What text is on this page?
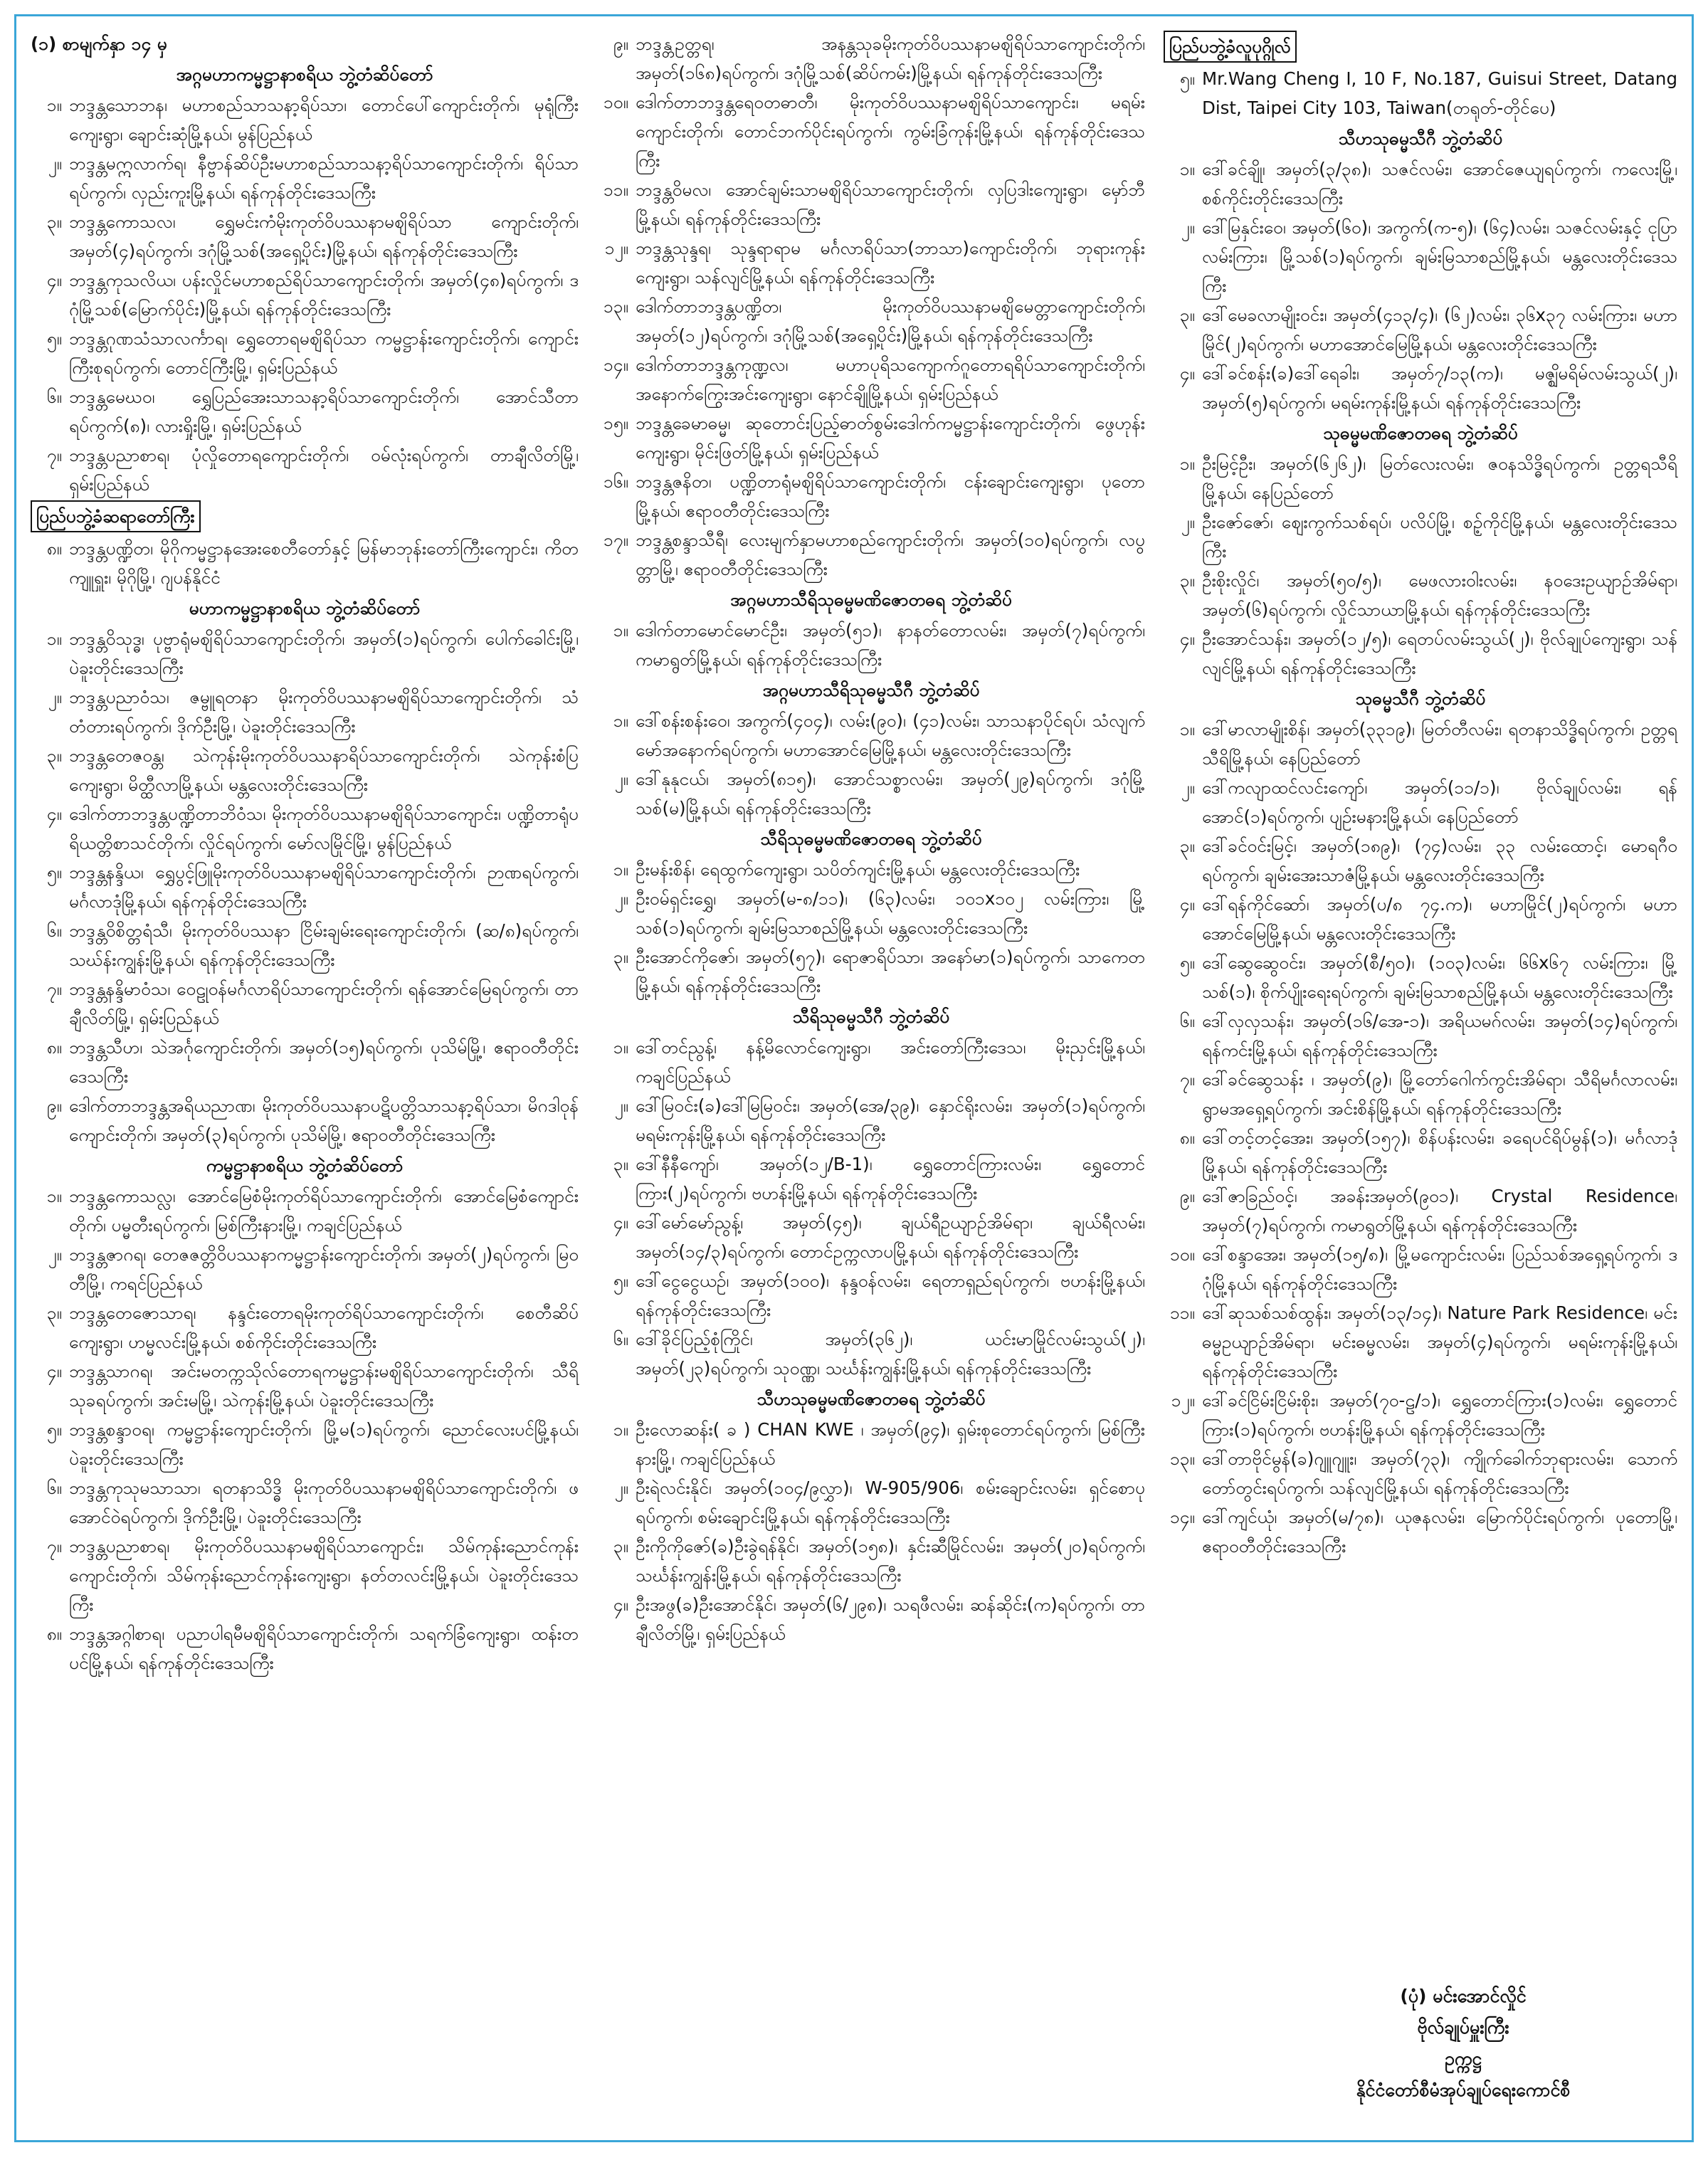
(၁) စာမျက်နှာ ၁၄ မှ
အဂ္ဂမဟာကမ္မဋ္ဌာနာစရိယ ဘွဲ့တံဆိပ်တော်
၁။ ဘဒ္ဒန္တသောဘန၊ မဟာစည်သာသနာ့ရိပ်သာ၊ တောင်ပေါ်ကျောင်းတိုက်၊ မုရုံကြီးကျေးရွာ၊ ချောင်းဆုံမြို့နယ်၊ မွန်ပြည်နယ်
၂။ ဘဒ္ဒန္တမဣလာက်ရ၊ နီဗ္ဗာန်ဆိပ်ဦးမဟာစည်သာသနာ့ရိပ်သာကျောင်းတိုက်၊ ရိပ်သာရပ်ကွက်၊ လှည်းကူးမြို့နယ်၊ ရန်ကုန်တိုင်းဒေသကြီး
၃။ ဘဒ္ဒန္တကောသလ၊ ရွှေမင်းကံမိုးကုတ်ဝိပဿနာမဈိရိပ်သာ ကျောင်းတိုက်၊ အမှတ်(၄)ရပ်ကွက်၊ ဒဂုံမြို့သစ်(အရှေ့ပိုင်း)မြို့နယ်၊ ရန်ကုန်တိုင်းဒေသကြီး
၄။ ဘဒ္ဒန္တကုသလိယ၊ ပန်းလှိုင်မဟာစည်ရိပ်သာကျောင်းတိုက်၊ အမှတ်(၄၈)ရပ်ကွက်၊ ဒဂုံမြို့သစ်(မြောက်ပိုင်း)မြို့နယ်၊ ရန်ကုန်တိုင်းဒေသကြီး
၅။ ဘဒ္ဒန္တဂုဏသံသာလင်္ကာရ၊ ရွှေတောရမဈိရိပ်သာ ကမ္မဋ္ဌာန်းကျောင်းတိုက်၊ ကျောင်းကြီးစုရပ်ကွက်၊ တောင်ကြီးမြို့၊ ရှမ်းပြည်နယ်
၆။ ဘဒ္ဒန္တမေဃဝ၊ ရွှေပြည်အေးသာသနာ့ရိပ်သာကျောင်းတိုက်၊ အောင်သီတာရပ်ကွက်(၈)၊ လားရှိုးမြို့၊ ရှမ်းပြည်နယ်
၇။ ဘဒ္ဒန္တပညာစာရ၊ ပုံလှိုတောရကျောင်းတိုက်၊ ဝမ်လုံးရပ်ကွက်၊ တာချီလိတ်မြို့၊ ရှမ်းပြည်နယ်
ပြည်ပဘွဲ့ခံဆရာတော်ကြီး
၈။ ဘဒ္ဒန္တပဏ္ဍိတ၊ မိုဂိုကမ္မဋ္ဌာနအေးစေတီတော်နှင့် မြန်မာဘုန်းတော်ကြီးကျောင်း၊ ကိတကျူရှူး၊ မိုဂိုမြို့၊ ဂျပန်နိုင်ငံ
မဟာကမ္မဋ္ဌာနာစရိယ ဘွဲ့တံဆိပ်တော်
၁။ ဘဒ္ဒန္တဝိသုဒ္ဓ၊ ပုဗ္ဗာရုံမဈိရိပ်သာကျောင်းတိုက်၊ အမှတ်(၁)ရပ်ကွက်၊ ပေါက်ခေါင်းမြို့၊ ပဲခူးတိုင်းဒေသကြီး
၂။ ဘဒ္ဒန္တပညာဝံသ၊ ဇမ္ဗူရတနာ မိုးကုတ်ဝိပဿနာမဈိရိပ်သာကျောင်းတိုက်၊ သံတံတားရပ်ကွက်၊ ဒိုက်ဦးမြို့၊ ပဲခူးတိုင်းဒေသကြီး
၃။ ဘဒ္ဒန္တတေဇဝန္တ၊ သဲကုန်းမိုးကုတ်ဝိပဿနာရိပ်သာကျောင်းတိုက်၊ သဲကုန်းစံပြကျေးရွာ၊ မိတ္ထီလာမြို့နယ်၊ မန္တလေးတိုင်းဒေသကြီး
၄။ ဒေါက်တာဘဒ္ဒန္တပဏ္ဍိတာဘိဝံသ၊ မိုးကုတ်ဝိပဿနာမဈိရိပ်သာကျောင်း၊ ပဏ္ဍိတာရုံပရိယတ္တိစာသင်တိုက်၊ လှိုင်ရပ်ကွက်၊ မော်လမြိုင်မြို့၊ မွန်ပြည်နယ်
၅။ ဘဒ္ဒန္တနန္ဒိယ၊ ရွှေပွင့်ဖြူမိုးကုတ်ဝိပဿနာမဈိရိပ်သာကျောင်းတိုက်၊ ဉာဏရပ်ကွက်၊ မင်္ဂလာဒုံမြို့နယ်၊ ရန်ကုန်တိုင်းဒေသကြီး
၆။ ဘဒ္ဒန္တဝိစိတ္တရံသီ၊ မိုးကုတ်ဝိပဿနာ ငြိမ်းချမ်းရေးကျောင်းတိုက်၊ (ဆ/၈)ရပ်ကွက်၊ သဃ်န်းကျွန်းမြို့နယ်၊ ရန်ကုန်တိုင်းဒေသကြီး
၇။ ဘဒ္ဒန္တနန္ဒိမာဝံသ၊ ဝေဠုဝန်မင်္ဂလာရိပ်သာကျောင်းတိုက်၊ ရန်အောင်မြေရပ်ကွက်၊ တာချီလိတ်မြို့၊ ရှမ်းပြည်နယ်
၈။ ဘဒ္ဒန္တသီဟ၊ သဲအင်္ဂုကျောင်းတိုက်၊ အမှတ်(၁၅)ရပ်ကွက်၊ ပုသိမ်မြို့၊ ဧရာဝတီတိုင်းဒေသကြီး
၉။ ဒေါက်တာဘဒ္ဒန္တအရိယညာဏ၊ မိုးကုတ်ဝိပဿနာပဋိပတ္တိသာသနာ့ရိပ်သာ၊ မိဂဒါဝုန်ကျောင်းတိုက်၊ အမှတ်(၃)ရပ်ကွက်၊ ပုသိမ်မြို့၊ ဧရာဝတီတိုင်းဒေသကြီး
ကမ္မဋ္ဌာနာစရိယ ဘွဲ့တံဆိပ်တော်
၁။ ဘဒ္ဒန္တကောသလ္လ၊ အောင်မြေစံမိုးကုတ်ရိပ်သာကျောင်းတိုက်၊ အောင်မြေစံကျောင်းတိုက်၊ ပမ္မတီးရပ်ကွက်၊ မြစ်ကြီးနားမြို့၊ ကချင်ပြည်နယ်
၂။ ဘဒ္ဒန္တဇာဂရ၊ တေဇဇတ္တိဝိပဿနာကမ္မဋ္ဌာန်းကျောင်းတိုက်၊ အမှတ်(၂)ရပ်ကွက်၊ မြဝတီမြို့၊ ကရင်ပြည်နယ်
၃။ ဘဒ္ဒန္တတေဇောသာရ၊ နန္ဒင်းတောရမိုးကုတ်ရိပ်သာကျောင်းတိုက်၊ စေတီဆိပ်ကျေးရွာ၊ ဟမ္မလင်းမြို့နယ်၊ စစ်ကိုင်းတိုင်းဒေသကြီး
၄။ ဘဒ္ဒန္တသာဂရ၊ အင်းမတက္ကသိုလ်တောရကမ္မဋ္ဌာန်းမဈိရိပ်သာကျောင်းတိုက်၊ သီရိသုခရပ်ကွက်၊ အင်းမမြို့၊ သဲကုန်းမြို့နယ်၊ ပဲခူးတိုင်းဒေသကြီး
၅။ ဘဒ္ဒန္တစန္ဒာဝရ၊ ကမ္မဋ္ဌာန်းကျောင်းတိုက်၊ မြို့မ(၁)ရပ်ကွက်၊ ညောင်လေးပင်မြို့နယ်၊ ပဲခူးတိုင်းဒေသကြီး
၆။ ဘဒ္ဒန္တကုသုမသာသာ၊ ရတနာသိဒ္ဓိ မိုးကုတ်ဝိပဿနာမဈိရိပ်သာကျောင်းတိုက်၊ ဖအောင်ဝဲရပ်ကွက်၊ ဒိုက်ဦးမြို့၊ ပဲခူးတိုင်းဒေသကြီး
၇။ ဘဒ္ဒန္တပညာစာရ၊ မိုးကုတ်ဝိပဿနာမဈိရိပ်သာကျောင်း၊ သိမ်ကုန်းညောင်ကုန်းကျောင်းတိုက်၊ သိမ်ကုန်းညောင်ကုန်းကျေးရွာ၊ နတ်တလင်းမြို့နယ်၊ ပဲခူးတိုင်းဒေသကြီး
၈။ ဘဒ္ဒန္တအဂ္ဂါစာရ၊ ပညာပါရမီမဈိရိပ်သာကျောင်းတိုက်၊ သရက်ခြံကျေးရွာ၊ ထန်းတပင်မြို့နယ်၊ ရန်ကုန်တိုင်းဒေသကြီး
၉။ ဘဒ္ဒန္တဥတ္တရ၊ အနန္တသုခမိုးကုတ်ဝိပဿနာမဈိရိပ်သာကျောင်းတိုက်၊ အမှတ်(၁၆၈)ရပ်ကွက်၊ ဒဂုံမြို့သစ်(ဆိပ်ကမ်း)မြို့နယ်၊ ရန်ကုန်တိုင်းဒေသကြီး
၁၀။ ဒေါက်တာဘဒ္ဒန္တရေဝတဓာတီ၊ မိုးကုတ်ဝိပဿနာမဈိရိပ်သာကျောင်း၊ မရမ်းကျောင်းတိုက်၊ တောင်ဘက်ပိုင်းရပ်ကွက်၊ ကွမ်းခြံကုန်းမြို့နယ်၊ ရန်ကုန်တိုင်းဒေသကြီး
၁၁။ ဘဒ္ဒန္တဝိမလ၊ အောင်ချမ်းသာမဈိရိပ်သာကျောင်းတိုက်၊ လှပြဒါးကျေးရွာ၊ မှော်ဘီမြို့နယ်၊ ရန်ကုန်တိုင်းဒေသကြီး
၁၂။ ဘဒ္ဒန္တသုန္ဒရ၊ သုန္ဒရာရာမ မင်္ဂလာရိပ်သာ(ဘာသာ)ကျောင်းတိုက်၊ ဘုရားကုန်းကျေးရွာ၊ သန်လျင်မြို့နယ်၊ ရန်ကုန်တိုင်းဒေသကြီး
၁၃။ ဒေါက်တာဘဒ္ဒန္တပဏ္ဍိတ၊ မိုးကုတ်ဝိပဿနာမဈိမေတ္တာကျောင်းတိုက်၊ အမှတ်(၁၂)ရပ်ကွက်၊ ဒဂုံမြို့သစ်(အရှေ့ပိုင်း)မြို့နယ်၊ ရန်ကုန်တိုင်းဒေသကြီး
၁၄။ ဒေါက်တာဘဒ္ဒန္တကုဏ္ဍလ၊ မဟာပုရိသကျောက်ဂူတောရရိပ်သာကျောင်းတိုက်၊ အနောက်ကြွေးအင်းကျေးရွာ၊ နောင်ချိုမြို့နယ်၊ ရှမ်းပြည်နယ်
၁၅။ ဘဒ္ဒန္တခေမာဓမ္မ၊ ဆုတောင်းပြည့်ဓာတ်စွမ်းဒေါက်ကမ္မဋ္ဌာန်းကျောင်းတိုက်၊ ဖွေဟုန်းကျေးရွာ၊ မိုင်းဖြတ်မြို့နယ်၊ ရှမ်းပြည်နယ်
၁၆။ ဘဒ္ဒန္တဇနိတ၊ ပဏ္ဍိတာရုံမဈိရိပ်သာကျောင်းတိုက်၊ ငန်းချောင်းကျေးရွာ၊ ပုတောမြို့နယ်၊ ဧရာဝတီတိုင်းဒေသကြီး
၁၇။ ဘဒ္ဒန္တစန္ဒာသီရီ၊ လေးမျက်နှာမဟာစည်ကျောင်းတိုက်၊ အမှတ်(၁၀)ရပ်ကွက်၊ လပွတ္တာမြို့၊ ဧရာဝတီတိုင်းဒေသကြီး
အဂ္ဂမဟာသီရိသုဓမ္မမဏိဇောတဓရ ဘွဲ့တံဆိပ်
၁။ ဒေါက်တာမောင်မောင်ဦး၊ အမှတ်(၅၁)၊ နာနတ်တောလမ်း၊ အမှတ်(၇)ရပ်ကွက်၊ ကမာရွတ်မြို့နယ်၊ ရန်ကုန်တိုင်းဒေသကြီး
အဂ္ဂမဟာသီရိသုဓမ္မသီဂီ ဘွဲ့တံဆိပ်
၁။ ဒေါ်စန်းစန်းဝေ၊ အကွက်(၄၀၄)၊ လမ်း(၉၀)၊ (၄၁)လမ်း၊ သာသနာပိုင်ရပ်၊ သံလျက်မော်အနောက်ရပ်ကွက်၊ မဟာအောင်မြေမြို့နယ်၊ မန္တလေးတိုင်းဒေသကြီး
၂။ ဒေါ်နုနုငယ်၊ အမှတ်(၈၁၅)၊ အောင်သစ္စာလမ်း၊ အမှတ်(၂၉)ရပ်ကွက်၊ ဒဂုံမြို့သစ်(မ)မြို့နယ်၊ ရန်ကုန်တိုင်းဒေသကြီး
သီရိသုဓမ္မမဏိဇောတဓရ ဘွဲ့တံဆိပ်
၁။ ဦးမန်းစိန်၊ ရေထွက်ကျေးရွာ၊ သပိတ်ကျင်းမြို့နယ်၊ မန္တလေးတိုင်းဒေသကြီး
၂။ ဦးဝမ်ရှင်းရွှေ၊ အမှတ်(မ-၈/၁၁)၊ (၆၃)လမ်း၊ ၁၀၁x၁၀၂ လမ်းကြား၊ မြို့သစ်(၁)ရပ်ကွက်၊ ချမ်းမြသာစည်မြို့နယ်၊ မန္တလေးတိုင်းဒေသကြီး
၃။ ဦးအောင်ကိုဇော်၊ အမှတ်(၅၇)၊ ရောဇာရိပ်သာ၊ အနော်မာ(၁)ရပ်ကွက်၊ သာကေတမြို့နယ်၊ ရန်ကုန်တိုင်းဒေသကြီး
သီရိသုဓမ္မသီဂီ ဘွဲ့တံဆိပ်
၁။ ဒေါ်တင်ညွန့်၊ နန့်မိလောင်ကျေးရွာ၊ အင်းတော်ကြီးဒေသ၊ မိုးညှင်းမြို့နယ်၊ ကချင်ပြည်နယ်
၂။ ဒေါ်မြဝင်း(ခ)ဒေါ်မြမြဝင်း၊ အမှတ်(အေ/၃၉)၊ နှောင်ရိုးလမ်း၊ အမှတ်(၁)ရပ်ကွက်၊ မရမ်းကုန်းမြို့နယ်၊ ရန်ကုန်တိုင်းဒေသကြီး
၃။ ဒေါ်နီနီကျော်၊ အမှတ်(၁၂/B-1)၊ ရွှေတောင်ကြားလမ်း၊ ရွှေတောင်ကြား(၂)ရပ်ကွက်၊ ဗဟန်းမြို့နယ်၊ ရန်ကုန်တိုင်းဒေသကြီး
၄။ ဒေါ်မော်မော်ညွန့်၊ အမှတ်(၄၅)၊ ချယ်ရီဥယျာဉ်အိမ်ရာ၊ ချယ်ရီလမ်း၊ အမှတ်(၁၄/၃)ရပ်ကွက်၊ တောင်ဥက္ကလာပမြို့နယ်၊ ရန်ကုန်တိုင်းဒေသကြီး
၅။ ဒေါ်ငွေငွေယဉ်၊ အမှတ်(၁၀၀)၊ နန္ဒဝန်လမ်း၊ ရေတာရှည်ရပ်ကွက်၊ ဗဟန်းမြို့နယ်၊ ရန်ကုန်တိုင်းဒေသကြီး
၆။ ဒေါ်ခိုင်ပြည့်စုံကြိုင်၊ အမှတ်(၃၆၂)၊ ယင်းမာမြိုင်လမ်းသွယ်(၂)၊ အမှတ်(၂၃)ရပ်ကွက်၊ သုဝဏ္ဏ၊ သင်္ဃန်းကျွန်းမြို့နယ်၊ ရန်ကုန်တိုင်းဒေသကြီး
သီဟသုဓမ္မမဏိဇောတဓရ ဘွဲ့တံဆိပ်
၁။ ဦးလောဆန်း( ခ ) CHAN KWE ၊ အမှတ်(၉၄)၊ ရှမ်းစုတောင်ရပ်ကွက်၊ မြစ်ကြီးနားမြို့၊ ကချင်ပြည်နယ်
၂။ ဦးရဲလင်းနိုင်၊ အမှတ်(၁၀၄/၉လွှာ)၊ W-905/906၊ စမ်းချောင်းလမ်း၊ ရှင်စောပုရပ်ကွက်၊ စမ်းချောင်းမြို့နယ်၊ ရန်ကုန်တိုင်းဒေသကြီး
၃။ ဦးကိုကိုဇော်(ခ)ဦးခွဲရန်နိုင်၊ အမှတ်(၁၅၈)၊ နှင်းဆီမြိုင်လမ်း၊ အမှတ်(၂၀)ရပ်ကွက်၊ သင်္ဃန်းကျွန်းမြို့နယ်၊ ရန်ကုန်တိုင်းဒေသကြီး
၄။ ဦးအဖွ(ခ)ဦးအောင်နိုင်၊ အမှတ်(၆/၂၉၈)၊ သရဖီလမ်း၊ ဆန်ဆိုင်း(က)ရပ်ကွက်၊ တာချီလိတ်မြို့၊ ရှမ်းပြည်နယ်
ပြည်ပဘွဲ့ခံလူပုဂ္ဂိုလ်
၅။ Mr.Wang Cheng I, 10 F, No.187, Guisui Street, Datang Dist, Taipei City 103, Taiwan(တရုတ်-တိုင်ပေ)
သီဟသုဓမ္မသီဂီ ဘွဲ့တံဆိပ်
၁။ ဒေါ်ခင်ချို၊ အမှတ်(၃/၃၈)၊ သဇင်လမ်း၊ အောင်ဇေယျရပ်ကွက်၊ ကလေးမြို့၊ စစ်ကိုင်းတိုင်းဒေသကြီး
၂။ ဒေါ်မြနှင်းဝေ၊ အမှတ်(၆၀)၊ အကွက်(က-၅)၊ (၆၄)လမ်း၊ သဇင်လမ်းနှင့် ငုပြာလမ်းကြား၊ မြို့သစ်(၁)ရပ်ကွက်၊ ချမ်းမြသာစည်မြို့နယ်၊ မန္တလေးတိုင်းဒေသကြီး
၃။ ဒေါ်မေခလာမျိုးဝင်း၊ အမှတ်(၄၁၃/၄)၊ (၆၂)လမ်း၊ ၃၆x၃၇ လမ်းကြား၊ မဟာမြိုင်(၂)ရပ်ကွက်၊ မဟာအောင်မြေမြို့နယ်၊ မန္တလေးတိုင်းဒေသကြီး
၄။ ဒေါ်ခင်စန်း(ခ)ဒေါ်ရေခါး၊ အမှတ်၇/၁၃(က)၊ မဇ္ဈိမရိမ်လမ်းသွယ်(၂)၊ အမှတ်(၅)ရပ်ကွက်၊ မရမ်းကုန်းမြို့နယ်၊ ရန်ကုန်တိုင်းဒေသကြီး
သုဓမ္မမဏိဇောတဓရ ဘွဲ့တံဆိပ်
၁။ ဦးမြင့်ဦး၊ အမှတ်(၆၂၆၂)၊ မြတ်လေးလမ်း၊ ဇဝနသိဒ္ဓိရပ်ကွက်၊ ဥတ္တရသီရိမြို့နယ်၊ နေပြည်တော်
၂။ ဦးဇော်ဇော်၊ ဈေးကွက်သစ်ရပ်၊ ပလိပ်မြို့၊ စဉ့်ကိုင်မြို့နယ်၊ မန္တလေးတိုင်းဒေသကြီး
၃။ ဦးစိုးလှိုင်၊ အမှတ်(၅၀/၅)၊ မေဖလားဝါးလမ်း၊ နဝဒေးဥယျာဉ်အိမ်ရာ၊ အမှတ်(၆)ရပ်ကွက်၊ လှိုင်သာယာမြို့နယ်၊ ရန်ကုန်တိုင်းဒေသကြီး
၄။ ဦးအောင်သန်း၊ အမှတ်(၁၂/၅)၊ ရေတပ်လမ်းသွယ်(၂)၊ ဗိုလ်ချုပ်ကျေးရွာ၊ သန်လျင်မြို့နယ်၊ ရန်ကုန်တိုင်းဒေသကြီး
သုဓမ္မသီဂီ ဘွဲ့တံဆိပ်
၁။ ဒေါ်မာလာမျိုးစိန်၊ အမှတ်(၃၃၁၉)၊ မြတ်တီလမ်း၊ ရတနာသိဒ္ဓိရပ်ကွက်၊ ဥတ္တရသီရိမြို့နယ်၊ နေပြည်တော်
၂။ ဒေါ်ကလျာထင်လင်းကျော်၊ အမှတ်(၁၁/၁)၊ ဗိုလ်ချုပ်လမ်း၊ ရန်အောင်(၁)ရပ်ကွက်၊ ပျဉ်းမနားမြို့နယ်၊ နေပြည်တော်
၃။ ဒေါ်ခင်ဝင်းမြင့်၊ အမှတ်(၁၈၉)၊ (၇၄)လမ်း၊ ၃၃ လမ်းထောင့်၊ မောရဂီဝရပ်ကွက်၊ ချမ်းအေးသာဇံမြို့နယ်၊ မန္တလေးတိုင်းဒေသကြီး
၄။ ဒေါ်ရန်ကိုင်ဆော်၊ အမှတ်(ပ/၈ ၇၄.က)၊ မဟာမြိုင်(၂)ရပ်ကွက်၊ မဟာအောင်မြေမြို့နယ်၊ မန္တလေးတိုင်းဒေသကြီး
၅။ ဒေါ်ဆွေဆွေဝင်း၊ အမှတ်(စီ/၅၀)၊ (၁၀၃)လမ်း၊ ၆၆x၆၇ လမ်းကြား၊ မြို့သစ်(၁)၊ စိုက်ပျိုးရေးရပ်ကွက်၊ ချမ်းမြသာစည်မြို့နယ်၊ မန္တလေးတိုင်းဒေသကြီး
၆။ ဒေါ်လှလှသန်း၊ အမှတ်(၁၆/အေ-၁)၊ အရိယမဂ်လမ်း၊ အမှတ်(၁၄)ရပ်ကွက်၊ ရန်ကင်းမြို့နယ်၊ ရန်ကုန်တိုင်းဒေသကြီး
၇။ ဒေါ်ခင်ဆွေသန်း ၊ အမှတ်(၉)၊ မြို့တော်ဂေါက်ကွင်းအိမ်ရာ၊ သီရိမင်္ဂလာလမ်း၊ ရွာမအရှေ့ရပ်ကွက်၊ အင်းစိန်မြို့နယ်၊ ရန်ကုန်တိုင်းဒေသကြီး
၈။ ဒေါ်တင့်တင့်အေး၊ အမှတ်(၁၅၇)၊ စိန်ပန်းလမ်း၊ ခရေပင်ရိပ်မွန်(၁)၊ မင်္ဂလာဒုံမြို့နယ်၊ ရန်ကုန်တိုင်းဒေသကြီး
၉။ ဒေါ်ဇာခြည်ဝင့်၊ အခန်းအမှတ်(၉၀၁)၊ Crystal Residence၊ အမှတ်(၇)ရပ်ကွက်၊ ကမာရွတ်မြို့နယ်၊ ရန်ကုန်တိုင်းဒေသကြီး
၁၀။ ဒေါ်စန္ဒာအေး၊ အမှတ်(၁၅/၈)၊ မြို့မကျောင်းလမ်း၊ ပြည်သစ်အရှေ့ရပ်ကွက်၊ ဒဂုံမြို့နယ်၊ ရန်ကုန်တိုင်းဒေသကြီး
၁၁။ ဒေါ်ဆုသစ်သစ်ထွန်း၊ အမှတ်(၁၃/၁၄)၊ Nature Park Residence၊ မင်းဓမ္မဥယျာဉ်အိမ်ရာ၊ မင်းဓမ္မလမ်း၊ အမှတ်(၄)ရပ်ကွက်၊ မရမ်းကုန်းမြို့နယ်၊ ရန်ကုန်တိုင်းဒေသကြီး
၁၂။ ဒေါ်ခင်ငြိမ်းငြိမ်းစိုး၊ အမှတ်(၇၀-ဠ/၁)၊ ရွှေတောင်ကြား(၁)လမ်း၊ ရွှေတောင်ကြား(၁)ရပ်ကွက်၊ ဗဟန်းမြို့နယ်၊ ရန်ကုန်တိုင်းဒေသကြီး
၁၃။ ဒေါ်တာဗိုင်မွန်(ခ)ဂျူဂျူး၊ အမှတ်(၇၃)၊ ကျိုက်ခေါက်ဘုရားလမ်း၊ သောက်တော်တွင်းရပ်ကွက်၊ သန်လျင်မြို့နယ်၊ ရန်ကုန်တိုင်းဒေသကြီး
၁၄။ ဒေါ်ကျင်ယုံ၊ အမှတ်(မ/၇၈)၊ ယုဇနလမ်း၊ မြောက်ပိုင်းရပ်ကွက်၊ ပုတောမြို့၊ ဧရာဝတီတိုင်းဒေသကြီး
(ပုံ) မင်းအောင်လှိုင်
ဗိုလ်ချုပ်မှူးကြီး
ဥက္ကဋ္ဌ
နိုင်ငံတော်စီမံအုပ်ချုပ်ရေးကောင်စီ
